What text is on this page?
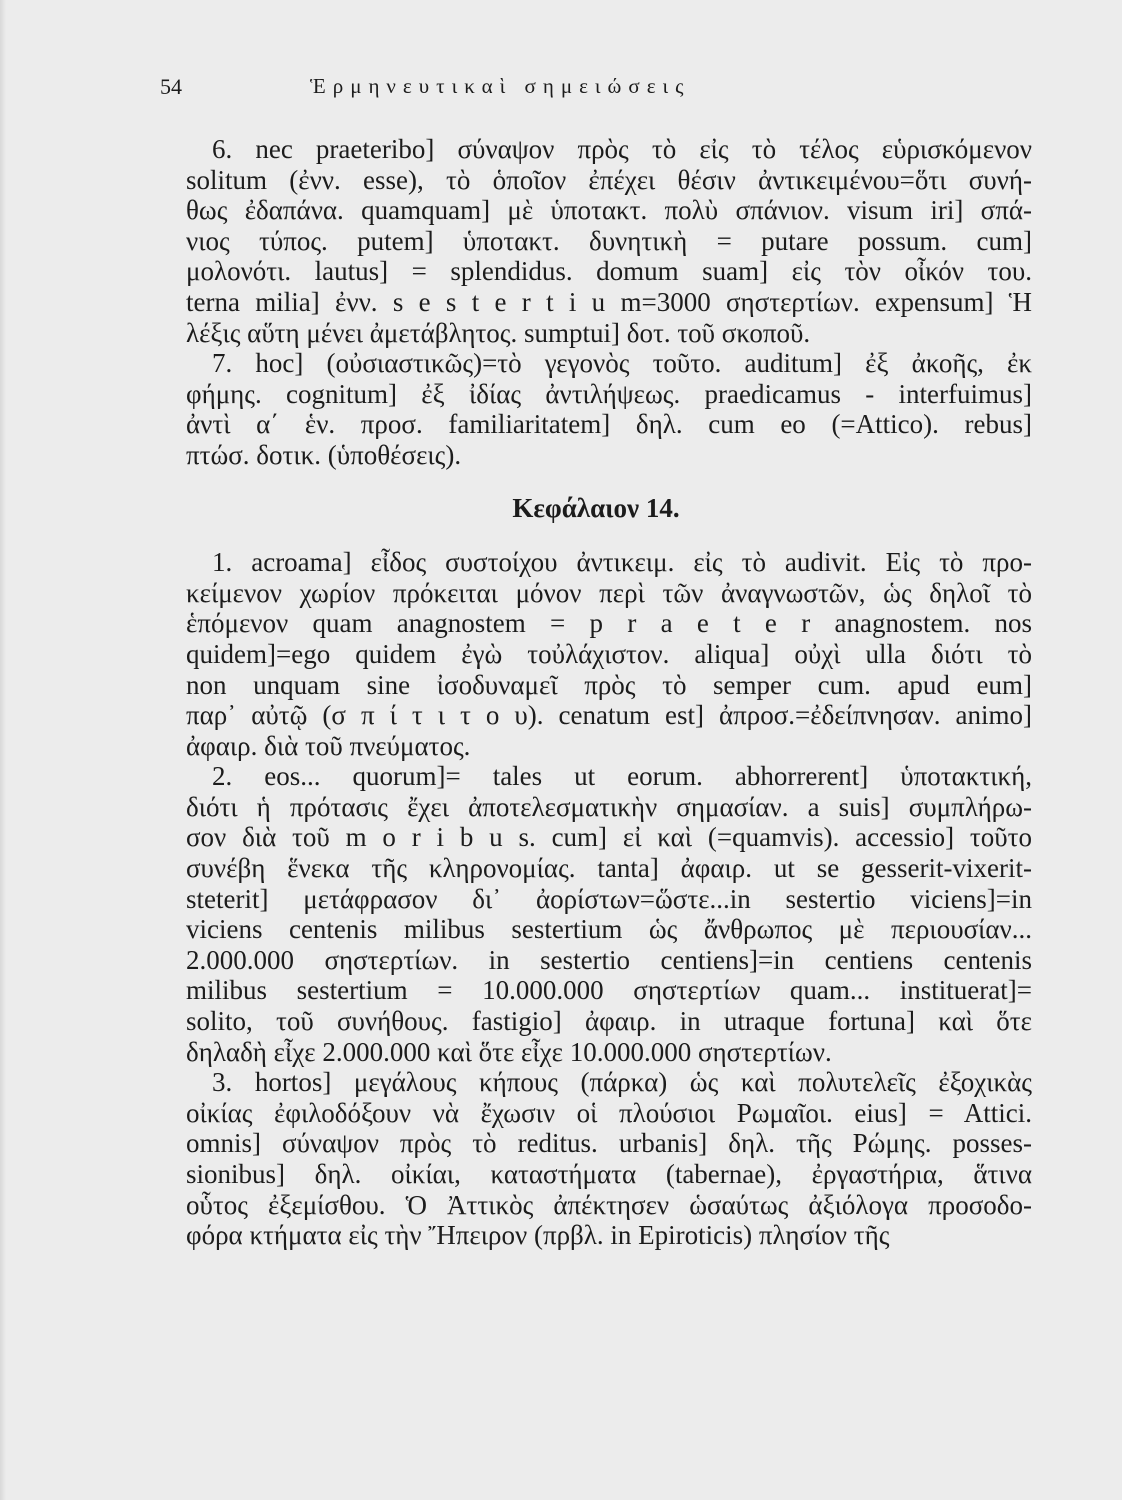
54	Ἑρμηνευτικαὶ σημειώσεις
6. nec praeteribo] σύναψον πρὸς τὸ εἰς τὸ τέλος εὑρισκόμενον
solitum (ἐνν. esse), τὸ ὁποῖον ἐπέχει θέσιν ἀντικειμένου=ὅτι συνή-
θως ἐδαπάνα. quamquam] μὲ ὑποτακτ. πολὺ σπάνιον. visum iri] σπά-
νιος τύπος. putem] ὑποτακτ. δυνητικὴ = putare possum. cum]
μολονότι. lautus] = splendidus. domum suam] εἰς τὸν οἶκόν του.
terna milia] ἐνν. s e s t e r t i u m=3000 σηστερτίων. expensum] Ἡ
λέξις αὕτη μένει ἀμετάβλητος. sumptui] δοτ. τοῦ σκοποῦ.
7. hoc] (οὐσιαστικῶς)=τὸ γεγονὸς τοῦτο. auditum] ἐξ ἀκοῆς, ἐκ
φήμης. cognitum] ἐξ ἰδίας ἀντιλήψεως. praedicamus - interfuimus]
ἀντὶ α΄ ἑν. προσ. familiaritatem] δηλ. cum eo (=Attico). rebus]
πτώσ. δοτικ. (ὑποθέσεις).
Κεφάλαιον 14.
1. acroama] εἶδος συστοίχου ἀντικειμ. εἰς τὸ audivit. Εἰς τὸ προ-
κείμενον χωρίον πρόκειται μόνον περὶ τῶν ἀναγνωστῶν, ὡς δηλοῖ τὸ
ἑπόμενον quam anagnostem = p r a e t e r anagnostem. nos
quidem]=ego quidem ἐγὼ τοὐλάχιστον. aliqua] οὐχὶ ulla διότι τὸ
non unquam sine ἰσοδυναμεῖ πρὸς τὸ semper cum. apud eum]
παρ᾽ αὐτῷ (σ π ί τ ι τ ο υ). cenatum est] ἀπροσ.=ἐδείπνησαν. animo]
ἀφαιρ. διὰ τοῦ πνεύματος.
2. eos... quorum]= tales ut eorum. abhorrerent] ὑποτακτική,
διότι ἡ πρότασις ἔχει ἀποτελεσματικὴν σημασίαν. a suis] συμπλήρω-
σον διὰ τοῦ m o r i b u s. cum] εἰ καὶ (=quamvis). accessio] τοῦτο
συνέβη ἕνεκα τῆς κληρονομίας. tanta] ἀφαιρ. ut se gesserit-vixerit-
steterit] μετάφρασον δι᾽ ἀορίστων=ὥστε...in sestertio viciens]=in
viciens centenis milibus sestertium ὡς ἄνθρωπος μὲ περιουσίαν...
2.000.000 σηστερτίων. in sestertio centiens]=in centiens centenis
milibus sestertium = 10.000.000 σηστερτίων quam... instituerat]=
solito, τοῦ συνήθους. fastigio] ἀφαιρ. in utraque fortuna] καὶ ὅτε
δηλαδὴ εἶχε 2.000.000 καὶ ὅτε εἶχε 10.000.000 σηστερτίων.
3. hortos] μεγάλους κήπους (πάρκα) ὡς καὶ πολυτελεῖς ἐξοχικὰς
οἰκίας ἐφιλοδόξουν νὰ ἔχωσιν οἱ πλούσιοι Ρωμαῖοι. eius] = Attici.
omnis] σύναψον πρὸς τὸ reditus. urbanis] δηλ. τῆς Ρώμης. posses-
sionibus] δηλ. οἰκίαι, καταστήματα (tabernae), ἐργαστήρια, ἅτινα
οὗτος ἐξεμίσθου. Ὁ Ἀττικὸς ἀπέκτησεν ὡσαύτως ἀξιόλογα προσοδο-
φόρα κτήματα εἰς τὴν Ἤπειρον (πρβλ. in Epiroticis) πλησίον τῆς
